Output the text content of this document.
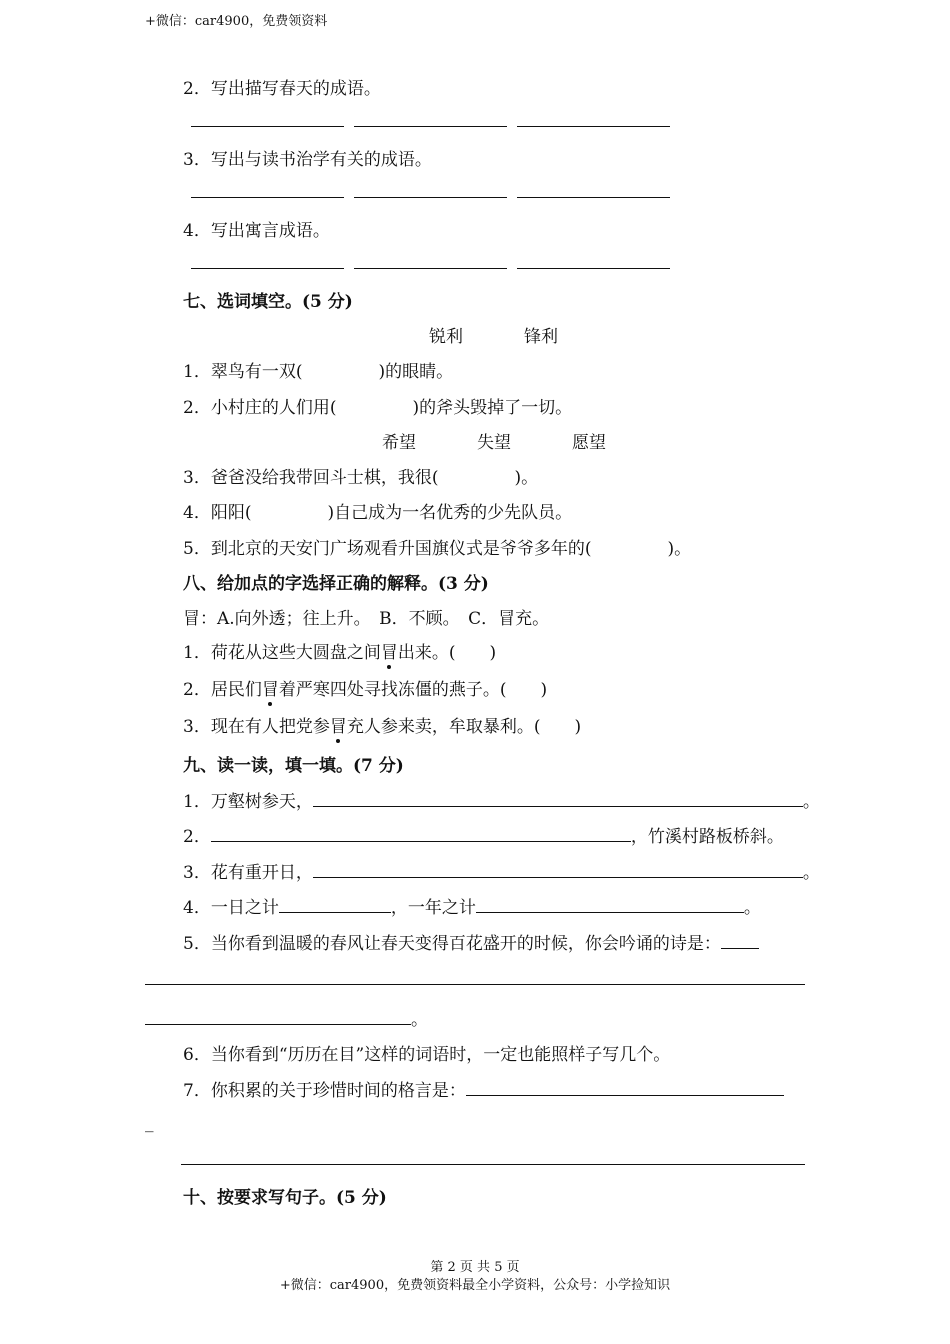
+微信：car4900，免费领资料
2．写出描写春天的成语。
3．写出与读书治学有关的成语。
4．写出寓言成语。
七、选词填空。(5 分)
锐利	锋利
1．翠鸟有一双(	)的眼睛。
2．小村庄的人们用(	)的斧头毁掉了一切。
希望	失望	愿望
3．爸爸没给我带回斗士棋，我很(	)。
4．阳阳(	)自己成为一名优秀的少先队员。
5．到北京的天安门广场观看升国旗仪式是爷爷多年的(	)。
八、给加点的字选择正确的解释。(3 分)
冒：A.向外透；往上升。　B．不顾。　C．冒充。
1．荷花从这些大圆盘之间冒出来。(　　)
2．居民们冒着严寒四处寻找冻僵的燕子。(　　)
3．现在有人把党参冒充人参来卖，牟取暴利。(　　)
九、读一读，填一填。(7 分)
1．万壑树参天，	。
2．	，竹溪村路板桥斜。
3．花有重开日，	。
4．一日之计	，一年之计	。
5．当你看到温暖的春风让春天变得百花盛开的时候，你会吟诵的诗是：
。
6．当你看到“历历在目”这样的词语时，一定也能照样子写几个。
7．你积累的关于珍惜时间的格言是：
_
十、按要求写句子。(5 分)
第 2 页 共 5 页
+微信：car4900，免费领资料最全小学资料，公众号：小学捡知识
